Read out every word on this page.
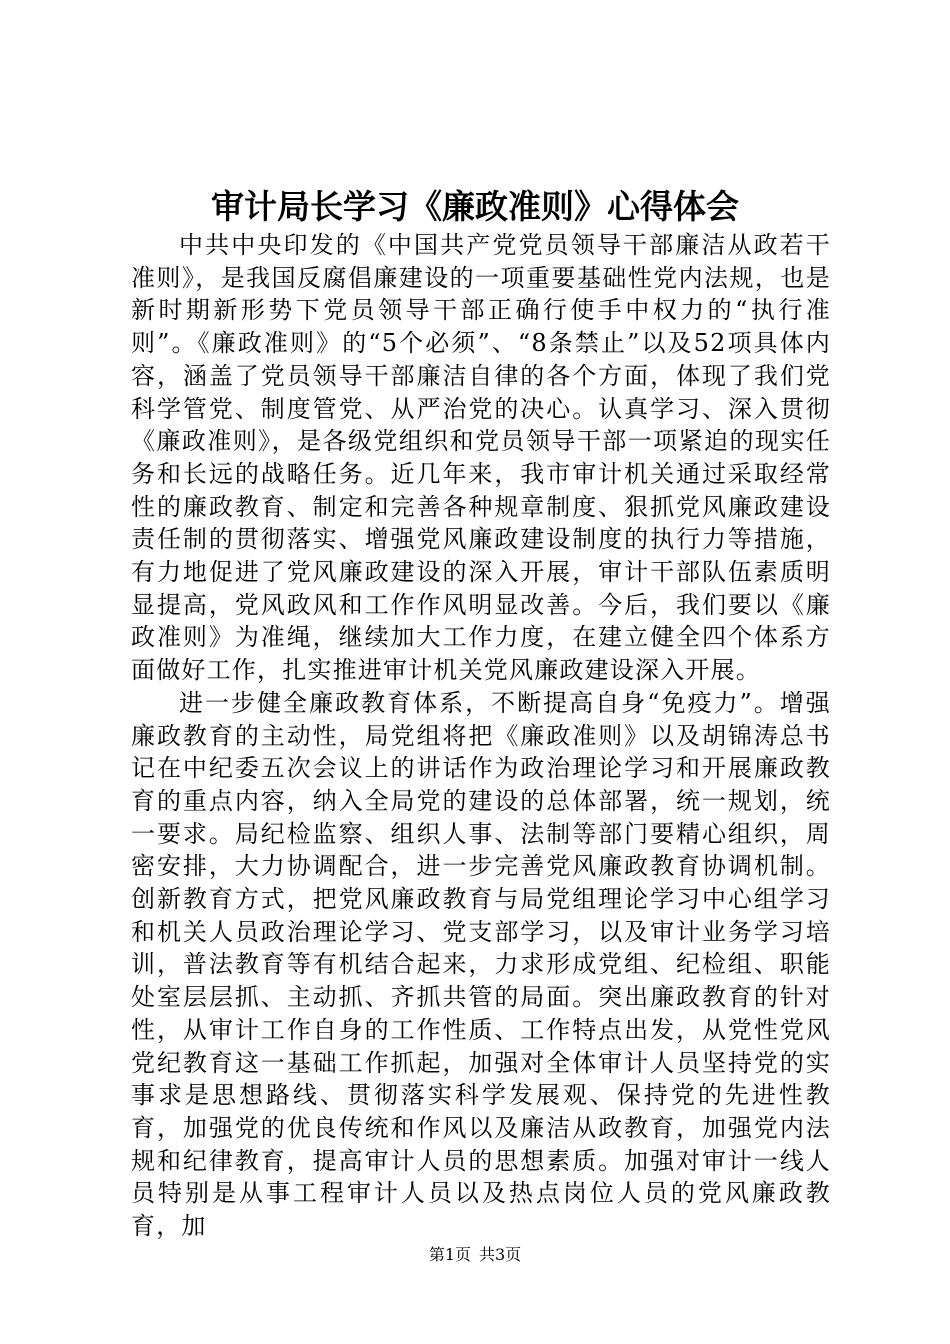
审计局长学习《廉政准则》心得体会

中共中央印发的《中国共产党党员领导干部廉洁从政若干准则》，是我国反腐倡廉建设的一项重要基础性党内法规，也是新时期新形势下党员领导干部正确行使手中权力的“执行准则”。《廉政准则》的“5个必须”、“8条禁止”以及52项具体内容，涵盖了党员领导干部廉洁自律的各个方面，体现了我们党科学管党、制度管党、从严治党的决心。认真学习、深入贯彻《廉政准则》，是各级党组织和党员领导干部一项紧迫的现实任务和长远的战略任务。近几年来，我市审计机关通过采取经常性的廉政教育、制定和完善各种规章制度、狠抓党风廉政建设责任制的贯彻落实、增强党风廉政建设制度的执行力等措施，有力地促进了党风廉政建设的深入开展，审计干部队伍素质明显提高，党风政风和工作作风明显改善。今后，我们要以《廉政准则》为准绳，继续加大工作力度，在建立健全四个体系方面做好工作，扎实推进审计机关党风廉政建设深入开展。

进一步健全廉政教育体系，不断提高自身“免疫力”。增强廉政教育的主动性，局党组将把《廉政准则》以及胡锦涛总书记在中纪委五次会议上的讲话作为政治理论学习和开展廉政教育的重点内容，纳入全局党的建设的总体部署，统一规划，统一要求。局纪检监察、组织人事、法制等部门要精心组织，周密安排，大力协调配合，进一步完善党风廉政教育协调机制。创新教育方式，把党风廉政教育与局党组理论学习中心组学习和机关人员政治理论学习、党支部学习，以及审计业务学习培训，普法教育等有机结合起来，力求形成党组、纪检组、职能处室层层抓、主动抓、齐抓共管的局面。突出廉政教育的针对性，从审计工作自身的工作性质、工作特点出发，从党性党风党纪教育这一基础工作抓起，加强对全体审计人员坚持党的实事求是思想路线、贯彻落实科学发展观、保持党的先进性教育，加强党的优良传统和作风以及廉洁从政教育，加强党内法规和纪律教育，提高审计人员的思想素质。加强对审计一线人员特别是从事工程审计人员以及热点岗位人员的党风廉政教育，加

第1页 共3页
